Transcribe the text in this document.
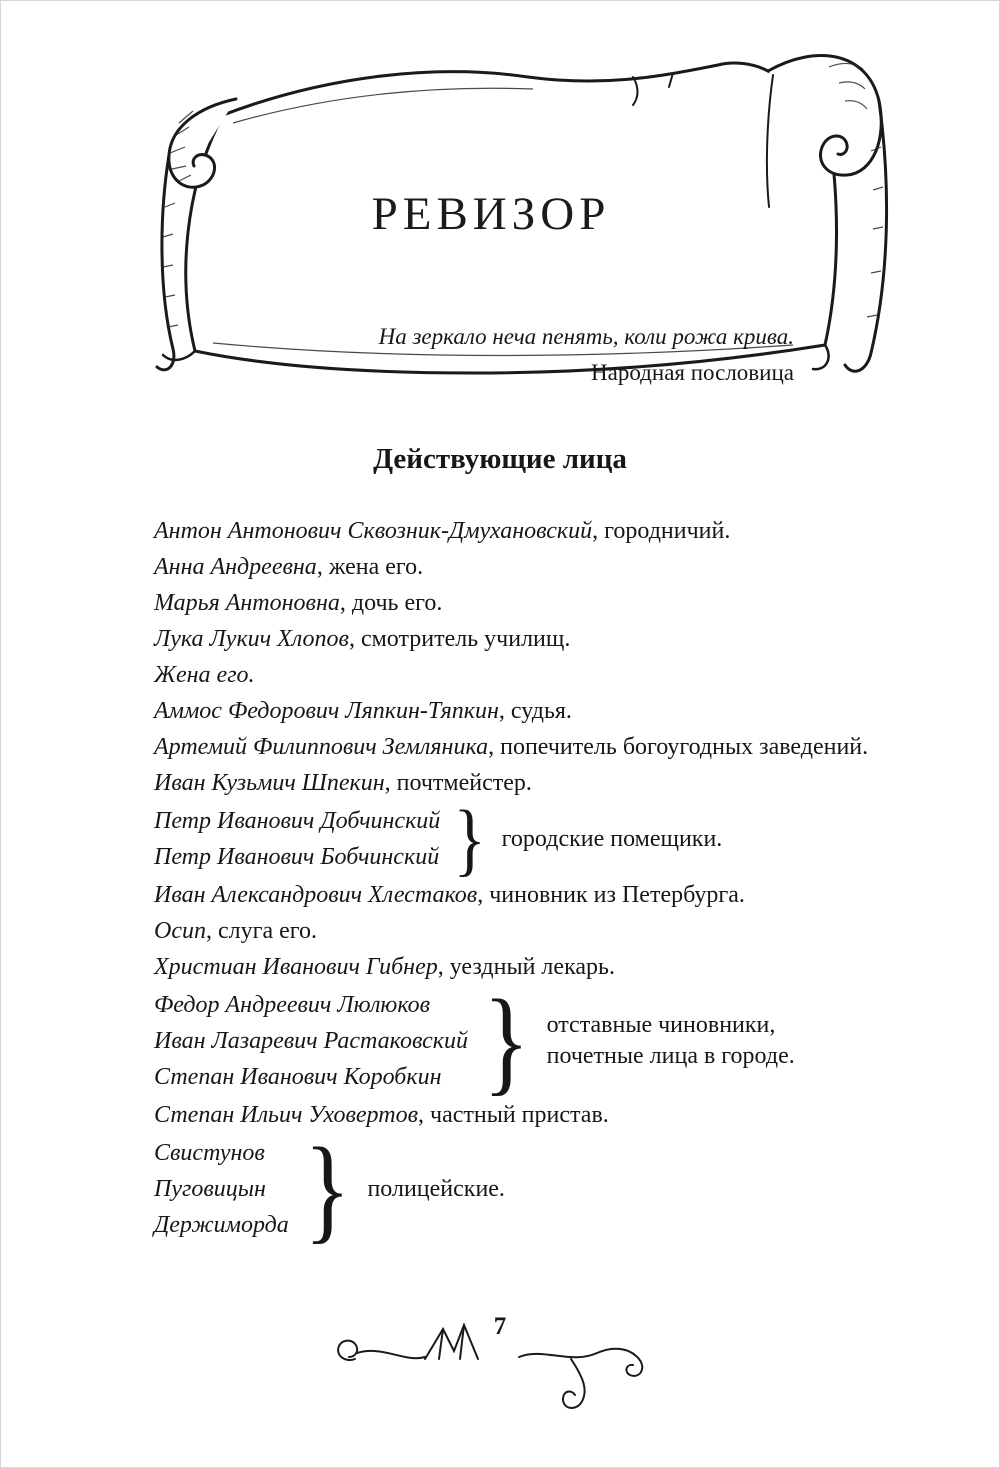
РЕВИЗОР
На зеркало неча пенять, коли рожа крива.
Народная пословица
Действующие лица

Антон Антонович Сквозник-Дмухановский, городничий.

Анна Андреевна, жена его.

Марья Антоновна, дочь его.

Лука Лукич Хлопов, смотритель училищ.

Жена его.

Аммос Федорович Ляпкин-Тяпкин, судья.

Артемий Филиппович Земляника, попечитель богоугодных заведений.

Иван Кузьмич Шпекин, почтмейстер.

Петр Иванович Добчинский
Петр Иванович Бобчинский } городские помещики.

Иван Александрович Хлестаков, чиновник из Петербурга.

Осип, слуга его.

Христиан Иванович Гибнер, уездный лекарь.

Федор Андреевич Люлюков
Иван Лазаревич Растаковский
Степан Иванович Коробкин } отставные чиновники,
почетные лица в городе.

Степан Ильич Уховертов, частный пристав.

Свистунов
Пуговицын
Держиморда } полицейские.
7
